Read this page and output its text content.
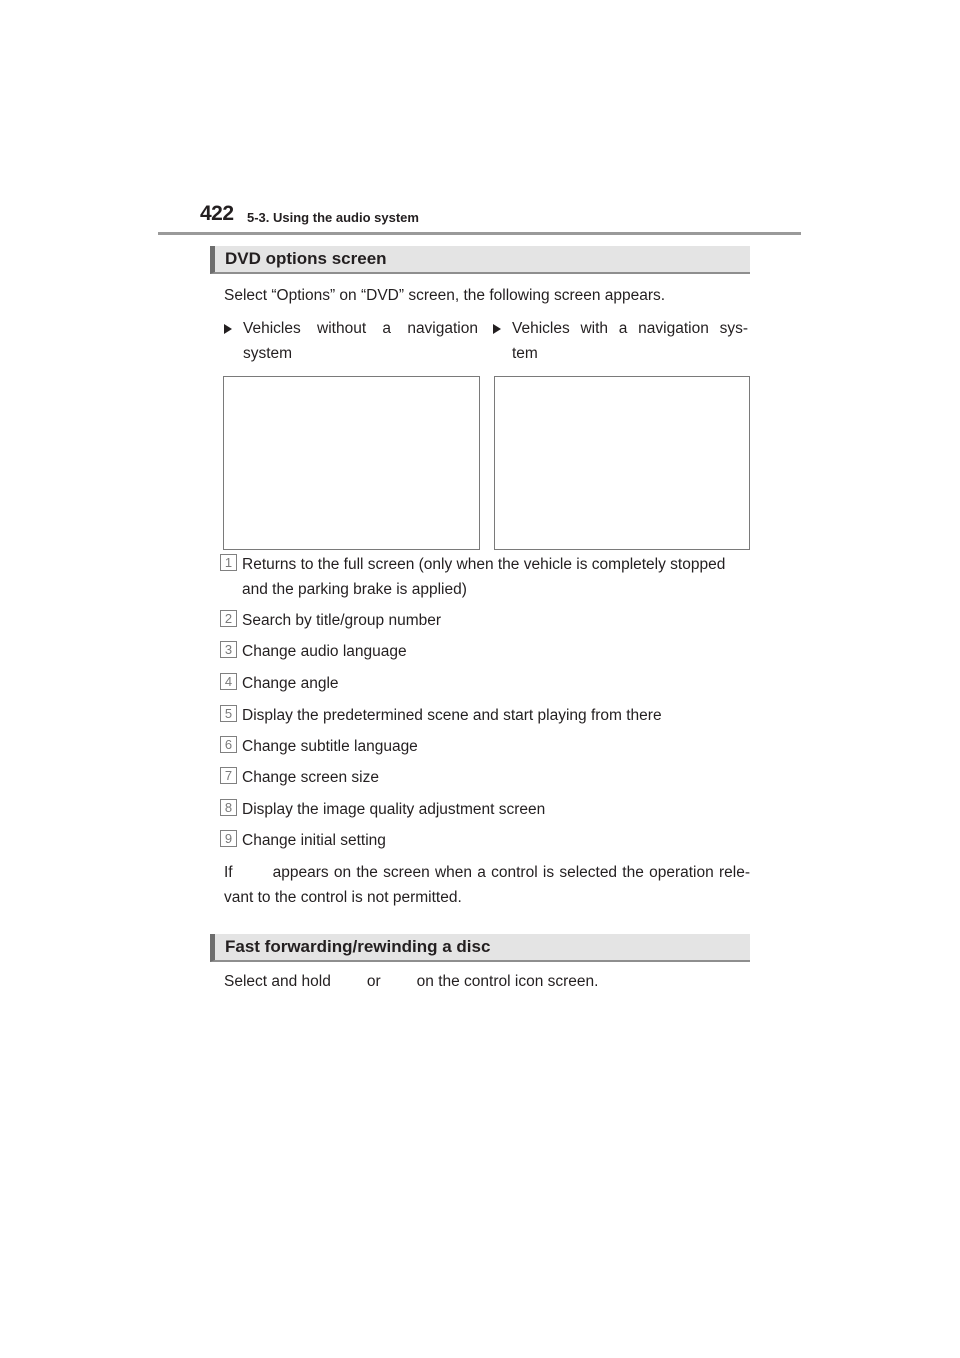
422 5-3. Using the audio system
DVD options screen
Select “Options” on “DVD” screen, the following screen appears.
Vehicles without a navigation system
Vehicles with a navigation sys-tem
1 Returns to the full screen (only when the vehicle is completely stopped and the parking brake is applied)
2 Search by title/group number
3 Change audio language
4 Change angle
5 Display the predetermined scene and start playing from there
6 Change subtitle language
7 Change screen size
8 Display the image quality adjustment screen
9 Change initial setting
If	appears on the screen when a control is selected the operation rele-vant to the control is not permitted.
Fast forwarding/rewinding a disc
Select and hold or on the control icon screen.
